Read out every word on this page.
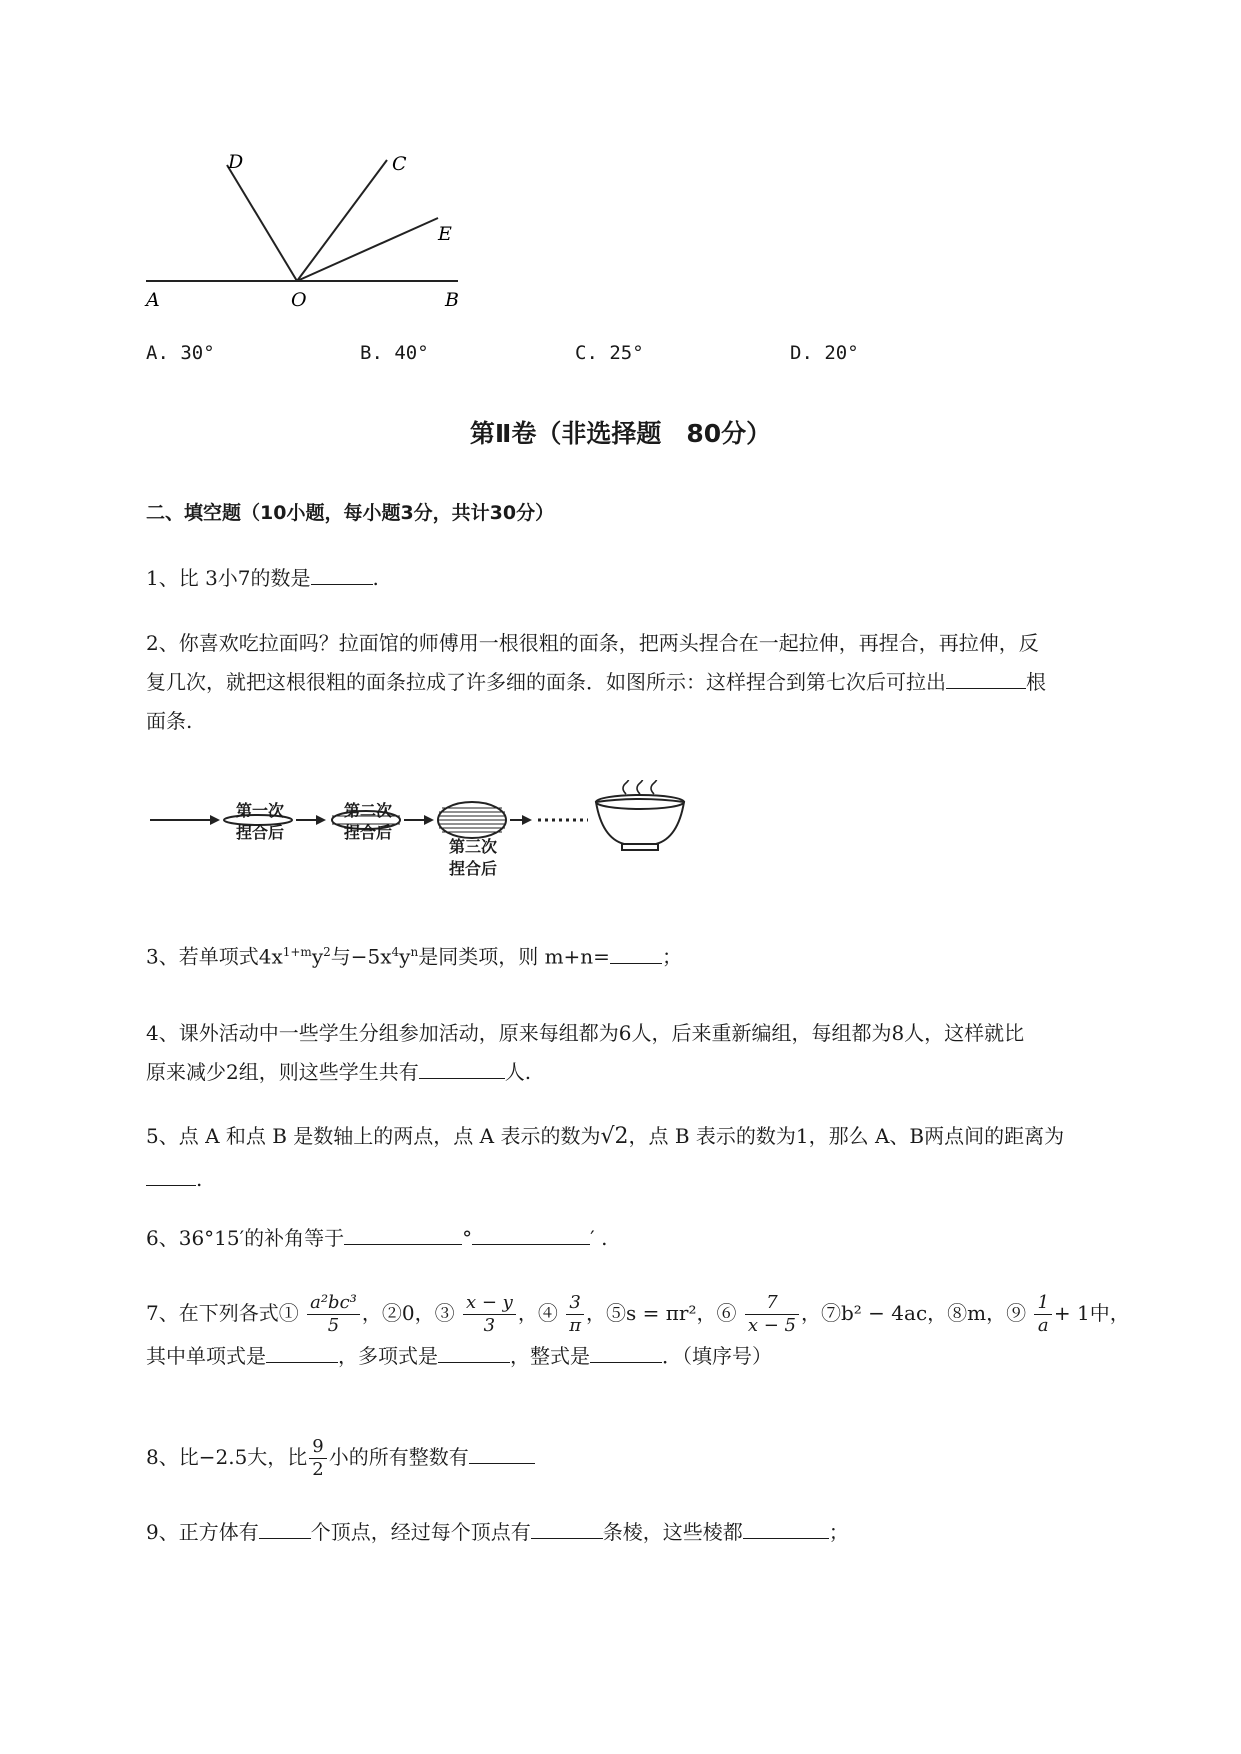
D	C
E
A	O	B
A. 30°	B. 40°	C. 25°	D. 20°
第Ⅱ卷（非选择题　80分）
二、填空题（10小题，每小题3分，共计30分）
1、比 3小7的数是	.
2、你喜欢吃拉面吗？拉面馆的师傅用一根很粗的面条，把两头捏合在一起拉伸，再捏合，再拉伸，反
复几次，就把这根很粗的面条拉成了许多细的面条．如图所示：这样捏合到第七次后可拉出	根
面条.
第一次
捏合后
第二次
捏合后
第三次
捏合后
3、若单项式$4x^{1+m}y^2$与$-5x^4y^n$是同类项，则 m+n=	；
4、课外活动中一些学生分组参加活动，原来每组都为6人，后来重新编组，每组都为8人，这样就比
原来减少2组，则这些学生共有	人.
5、点 A 和点 B 是数轴上的两点，点 A 表示的数为√2，点 B 表示的数为1，那么 A、B两点间的距离为
.
6、36°15′的补角等于	°	′ .
7、在下列各式① $\frac{\text{a²bc³}}{5}$ ，②0，③ $\frac{x - y}{3}$ ，④ $\frac{3}{\pi}$ ，⑤s = πr²，⑥ $\frac{7}{x - 5}$ ，⑦b² − 4ac，⑧m，⑨ $\frac{1}{a} + 1$中，
其中单项式是	，多项式是	，整式是	．（填序号）
8、比−2.5大，比 $\frac{9}{2}$ 小的所有整数有
9、正方体有	个顶点，经过每个顶点有	条棱，这些棱都	；
